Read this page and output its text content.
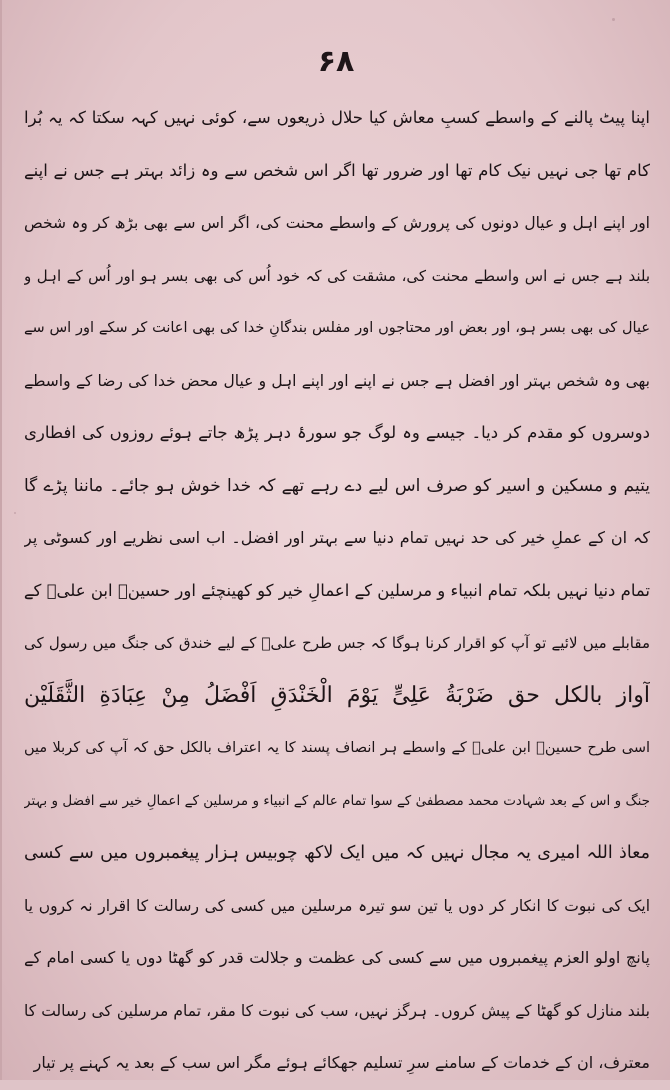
۶۸
اپنا پیٹ پالنے کے واسطے کسبِ معاش کیا حلال ذریعوں سے، کوئی نہیں کہہ سکتا کہ یہ بُرا
کام تھا جی نہیں نیک کام تھا اور ضرور تھا اگر اس شخص سے وہ زائد بہتر ہے جس نے اپنے
اور اپنے اہل و عیال دونوں کی پرورش کے واسطے محنت کی، اگر اس سے بھی بڑھ کر وہ شخص
بلند ہے جس نے اس واسطے محنت کی، مشقت کی کہ خود اُس کی بھی بسر ہو اور اُس کے اہل و
عیال کی بھی بسر ہو، اور بعض اور محتاجوں اور مفلس بندگانِ خدا کی بھی اعانت کر سکے اور اس سے
بھی وہ شخص بہتر اور افضل ہے جس نے اپنے اور اپنے اہل و عیال محض خدا کی رضا کے واسطے
دوسروں کو مقدم کر دیا۔ جیسے وہ لوگ جو سورۂ دہر پڑھ جاتے ہوئے روزوں کی افطاری
یتیم و مسکین و اسیر کو صرف اس لیے دے رہے تھے کہ خدا خوش ہو جائے۔ ماننا پڑے گا
کہ ان کے عملِ خیر کی حد نہیں تمام دنیا سے بہتر اور افضل۔ اب اسی نظریے اور کسوٹی پر
تمام دنیا نہیں بلکہ تمام انبیاء و مرسلین کے اعمالِ خیر کو کھینچئے اور حسینؑ ابن علیؑ کے
مقابلے میں لائیے تو آپ کو اقرار کرنا ہوگا کہ جس طرح علیؑ کے لیے خندق کی جنگ میں رسول کی
آواز بالکل حق ضَرْبَةُ عَلِیٍّ یَوْمَ الْخَنْدَقِ اَفْضَلُ مِنْ عِبَادَةِ الثَّقَلَیْن
اسی طرح حسینؑ ابن علیؑ کے واسطے ہر انصاف پسند کا یہ اعتراف بالکل حق کہ آپ کی کربلا میں
جنگ و اس کے بعد شہادت محمد مصطفیٰ کے سوا تمام عالم کے انبیاء و مرسلین کے اعمالِ خیر سے افضل و بہتر
معاذ اللہ امیری یہ مجال نہیں کہ میں ایک لاکھ چوبیس ہزار پیغمبروں میں سے کسی
ایک کی نبوت کا انکار کر دوں یا تین سو تیرہ مرسلین میں کسی کی رسالت کا اقرار نہ کروں یا
پانچ اولو العزم پیغمبروں میں سے کسی کی عظمت و جلالت قدر کو گھٹا دوں یا کسی امام کے
بلند منازل کو گھٹا کے پیش کروں۔ ہرگز نہیں، سب کی نبوت کا مقر، تمام مرسلین کی رسالت کا
معترف، ان کے خدمات کے سامنے سرِ تسلیم جھکائے ہوئے مگر اس سب کے بعد یہ کہنے پر تیار
